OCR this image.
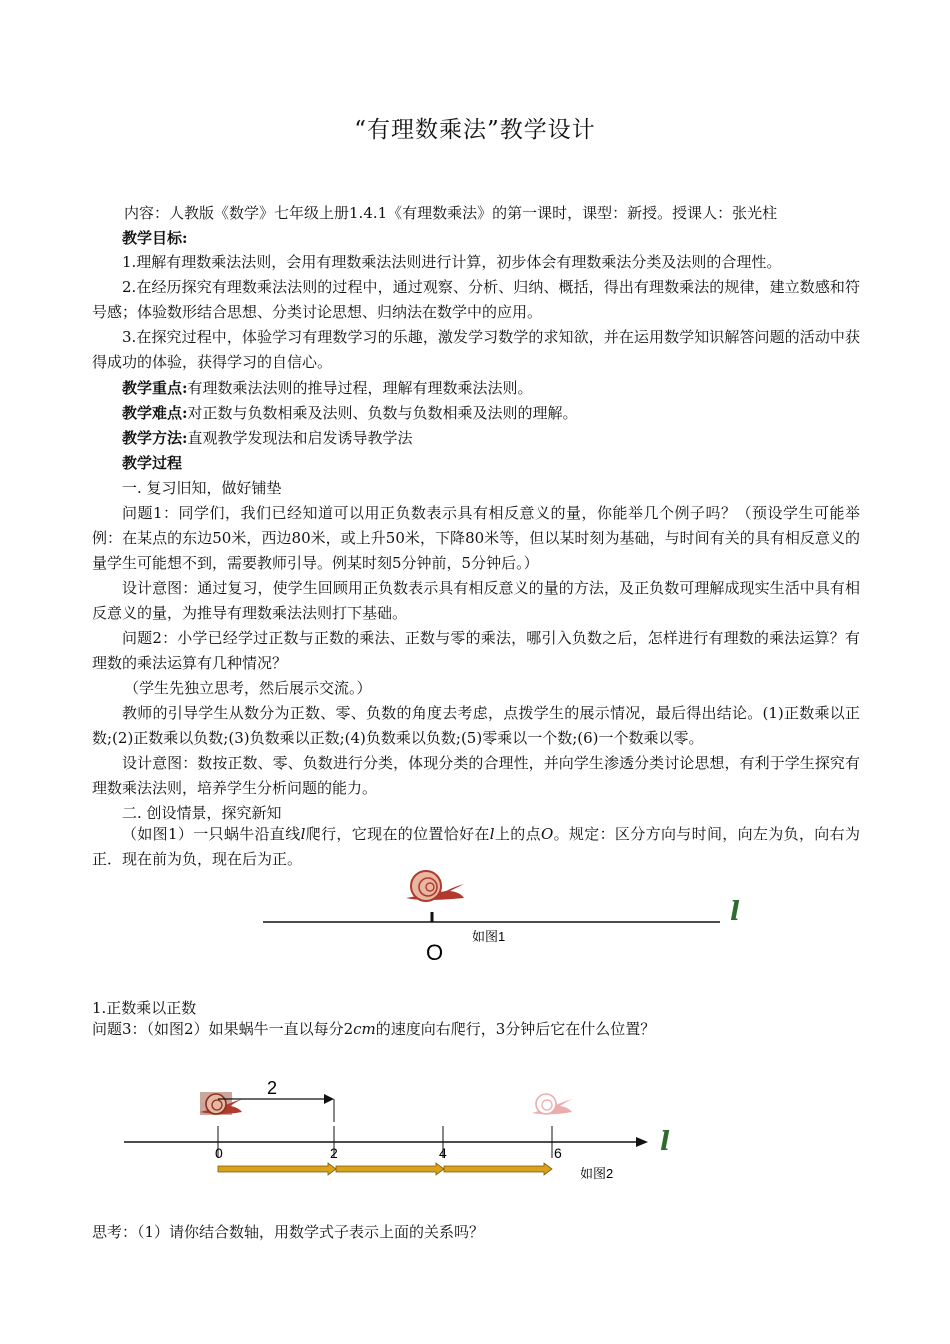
“有理数乘法”教学设计

内容：人教版《数学》七年级上册1.4.1《有理数乘法》的第一课时，课型：新授。授课人：张光柱

教学目标:

1.理解有理数乘法法则，会用有理数乘法法则进行计算，初步体会有理数乘法分类及法则的合理性。

2.在经历探究有理数乘法法则的过程中，通过观察、分析、归纳、概括，得出有理数乘法的规律，建立数感和符号感；体验数形结合思想、分类讨论思想、归纳法在数学中的应用。

3.在探究过程中，体验学习有理数学习的乐趣，激发学习数学的求知欲，并在运用数学知识解答问题的活动中获得成功的体验，获得学习的自信心。

教学重点:有理数乘法法则的推导过程，理解有理数乘法法则。

教学难点:对正数与负数相乘及法则、负数与负数相乘及法则的理解。

教学方法:直观教学发现法和启发诱导教学法

教学过程

一. 复习旧知，做好铺垫

问题1：同学们，我们已经知道可以用正负数表示具有相反意义的量，你能举几个例子吗？（预设学生可能举例：在某点的东边50米，西边80米，或上升50米，下降80米等，但以某时刻为基础，与时间有关的具有相反意义的量学生可能想不到，需要教师引导。例某时刻5分钟前，5分钟后。）

设计意图：通过复习，使学生回顾用正负数表示具有相反意义的量的方法，及正负数可理解成现实生活中具有相反意义的量，为推导有理数乘法法则打下基础。

问题2：小学已经学过正数与正数的乘法、正数与零的乘法，哪引入负数之后，怎样进行有理数的乘法运算？有理数的乘法运算有几种情况？

（学生先独立思考，然后展示交流。）

教师的引导学生从数分为正数、零、负数的角度去考虑，点拨学生的展示情况，最后得出结论。(1)正数乘以正数;(2)正数乘以负数;(3)负数乘以正数;(4)负数乘以负数;(5)零乘以一个数;(6)一个数乘以零。

设计意图：数按正数、零、负数进行分类，体现分类的合理性，并向学生渗透分类讨论思想，有利于学生探究有理数乘法法则，培养学生分析问题的能力。

二. 创设情景，探究新知

（如图1）一只蜗牛沿直线l爬行，它现在的位置恰好在l上的点O。规定：区分方向与时间，向左为负，向右为正．现在前为负，现在后为正。

l
如图1
O

1.正数乘以正数

问题3：（如图2）如果蜗牛一直以每分2cm的速度向右爬行，3分钟后它在什么位置？

2
l
0	2	4	6
如图2

思考：（1）请你结合数轴，用数学式子表示上面的关系吗？
